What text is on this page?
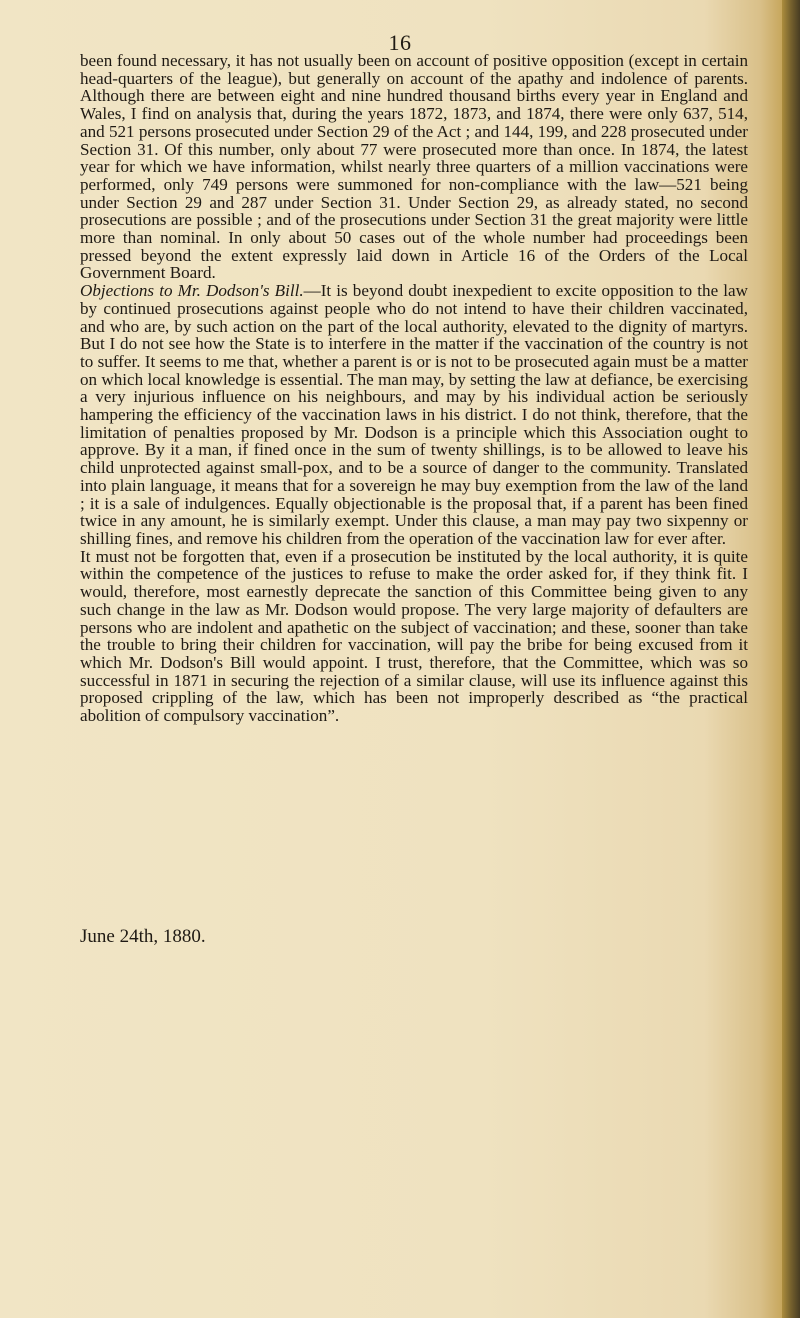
16

been found necessary, it has not usually been on account of positive opposition (except in certain head-quarters of the league), but generally on account of the apathy and indolence of parents. Although there are between eight and nine hundred thousand births every year in England and Wales, I find on analysis that, during the years 1872, 1873, and 1874, there were only 637, 514, and 521 persons prosecuted under Section 29 of the Act ; and 144, 199, and 228 prosecuted under Section 31. Of this number, only about 77 were prosecuted more than once. In 1874, the latest year for which we have information, whilst nearly three quarters of a million vaccinations were performed, only 749 persons were summoned for non-compliance with the law—521 being under Section 29 and 287 under Section 31. Under Section 29, as already stated, no second prosecutions are possible ; and of the prosecutions under Section 31 the great majority were little more than nominal. In only about 50 cases out of the whole number had proceedings been pressed beyond the extent expressly laid down in Article 16 of the Orders of the Local Government Board.

Objections to Mr. Dodson's Bill.—It is beyond doubt inexpedient to excite opposition to the law by continued prosecutions against people who do not intend to have their children vaccinated, and who are, by such action on the part of the local authority, elevated to the dignity of martyrs. But I do not see how the State is to interfere in the matter if the vaccination of the country is not to suffer. It seems to me that, whether a parent is or is not to be prosecuted again must be a matter on which local knowledge is essential. The man may, by setting the law at defiance, be exercising a very injurious influence on his neighbours, and may by his individual action be seriously hampering the efficiency of the vaccination laws in his district. I do not think, therefore, that the limitation of penalties proposed by Mr. Dodson is a principle which this Association ought to approve. By it a man, if fined once in the sum of twenty shillings, is to be allowed to leave his child unprotected against small-pox, and to be a source of danger to the community. Translated into plain language, it means that for a sovereign he may buy exemption from the law of the land ; it is a sale of indulgences. Equally objectionable is the proposal that, if a parent has been fined twice in any amount, he is similarly exempt. Under this clause, a man may pay two sixpenny or shilling fines, and remove his children from the operation of the vaccination law for ever after.

It must not be forgotten that, even if a prosecution be instituted by the local authority, it is quite within the competence of the justices to refuse to make the order asked for, if they think fit. I would, therefore, most earnestly deprecate the sanction of this Committee being given to any such change in the law as Mr. Dodson would propose. The very large majority of defaulters are persons who are indolent and apathetic on the subject of vaccination; and these, sooner than take the trouble to bring their children for vaccination, will pay the bribe for being excused from it which Mr. Dodson's Bill would appoint. I trust, therefore, that the Committee, which was so successful in 1871 in securing the rejection of a similar clause, will use its influence against this proposed crippling of the law, which has been not improperly described as “the practical abolition of compulsory vaccination”.

June 24th, 1880.
